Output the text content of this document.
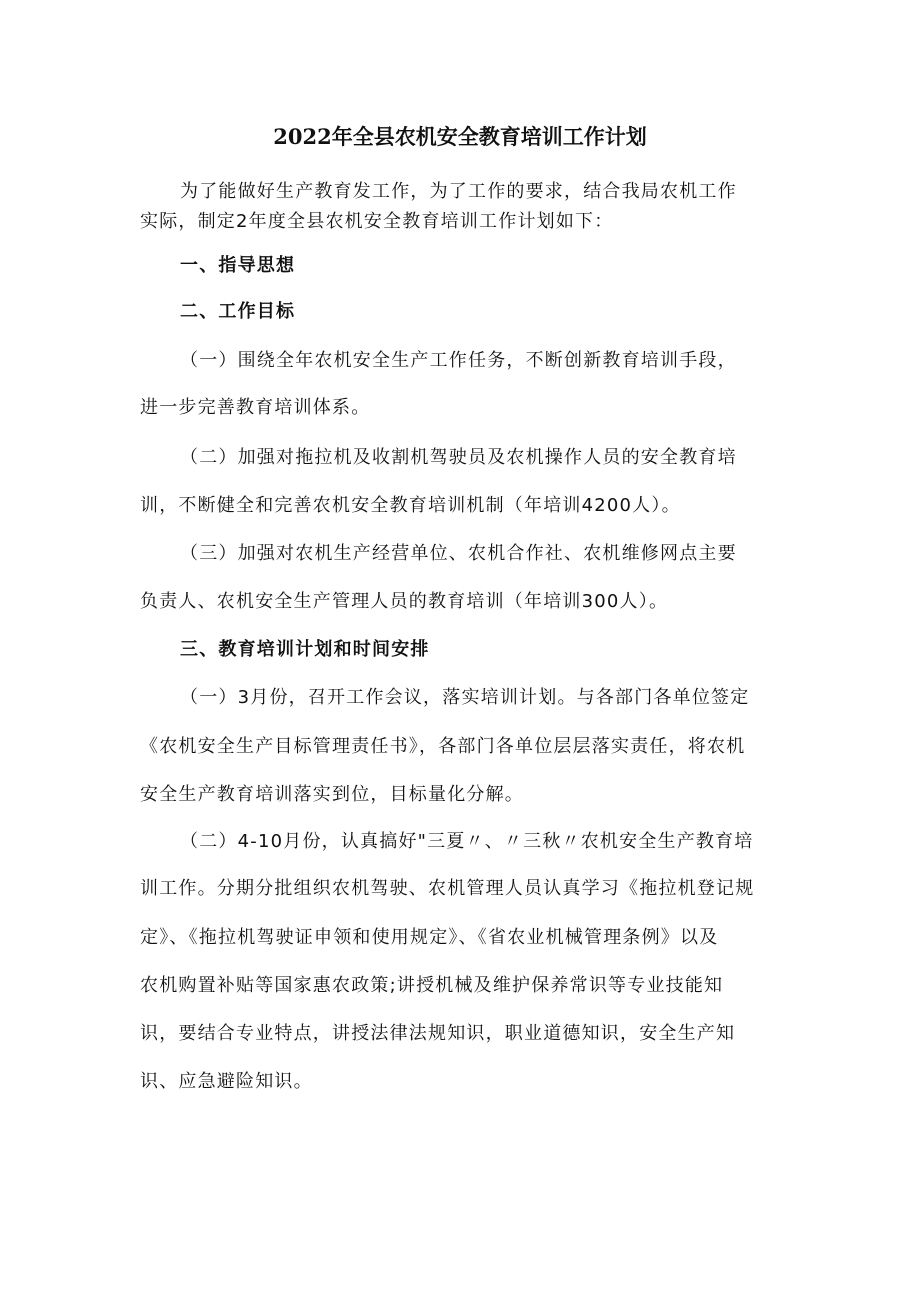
2022年全县农机安全教育培训工作计划
为了能做好生产教育发工作，为了工作的要求，结合我局农机工作
实际，制定2年度全县农机安全教育培训工作计划如下：
一、指导思想
二、工作目标
（一）围绕全年农机安全生产工作任务，不断创新教育培训手段，
进一步完善教育培训体系。
（二）加强对拖拉机及收割机驾驶员及农机操作人员的安全教育培
训，不断健全和完善农机安全教育培训机制（年培训4200人）。
（三）加强对农机生产经营单位、农机合作社、农机维修网点主要
负责人、农机安全生产管理人员的教育培训（年培训300人）。
三、教育培训计划和时间安排
（一）3月份，召开工作会议，落实培训计划。与各部门各单位签定
《农机安全生产目标管理责任书》，各部门各单位层层落实责任，将农机
安全生产教育培训落实到位，目标量化分解。
（二）4-10月份，认真搞好"三夏〃、〃三秋〃农机安全生产教育培
训工作。分期分批组织农机驾驶、农机管理人员认真学习《拖拉机登记规
定》、《拖拉机驾驶证申领和使用规定》、《省农业机械管理条例》以及
农机购置补贴等国家惠农政策;讲授机械及维护保养常识等专业技能知
识，要结合专业特点，讲授法律法规知识，职业道德知识，安全生产知
识、应急避险知识。
